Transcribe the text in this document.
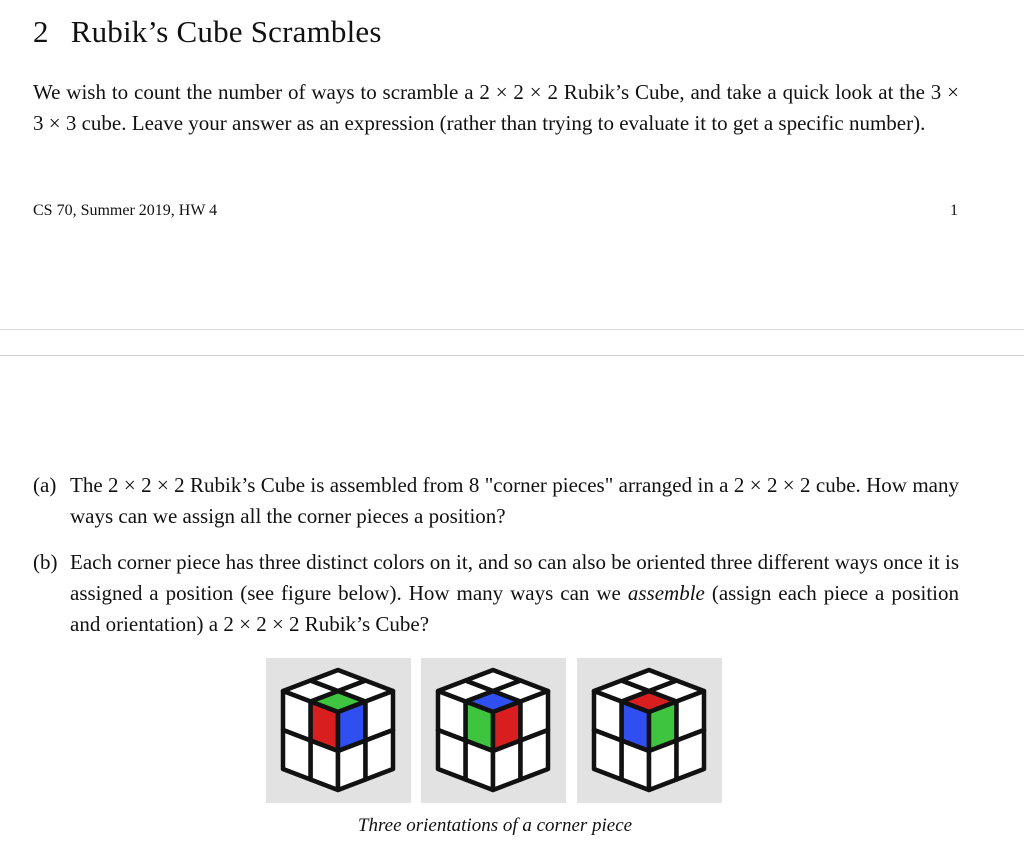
2 Rubik’s Cube Scrambles

We wish to count the number of ways to scramble a 2 × 2 × 2 Rubik’s Cube, and take a quick look at the 3 × 3 × 3 cube. Leave your answer as an expression (rather than trying to evaluate it to get a specific number).

CS 70, Summer 2019, HW 4	1
(a) The 2 × 2 × 2 Rubik’s Cube is assembled from 8 "corner pieces" arranged in a 2 × 2 × 2 cube. How many ways can we assign all the corner pieces a position?
(b) Each corner piece has three distinct colors on it, and so can also be oriented three different ways once it is assigned a position (see figure below). How many ways can we assemble (assign each piece a position and orientation) a 2 × 2 × 2 Rubik’s Cube?
Three orientations of a corner piece
